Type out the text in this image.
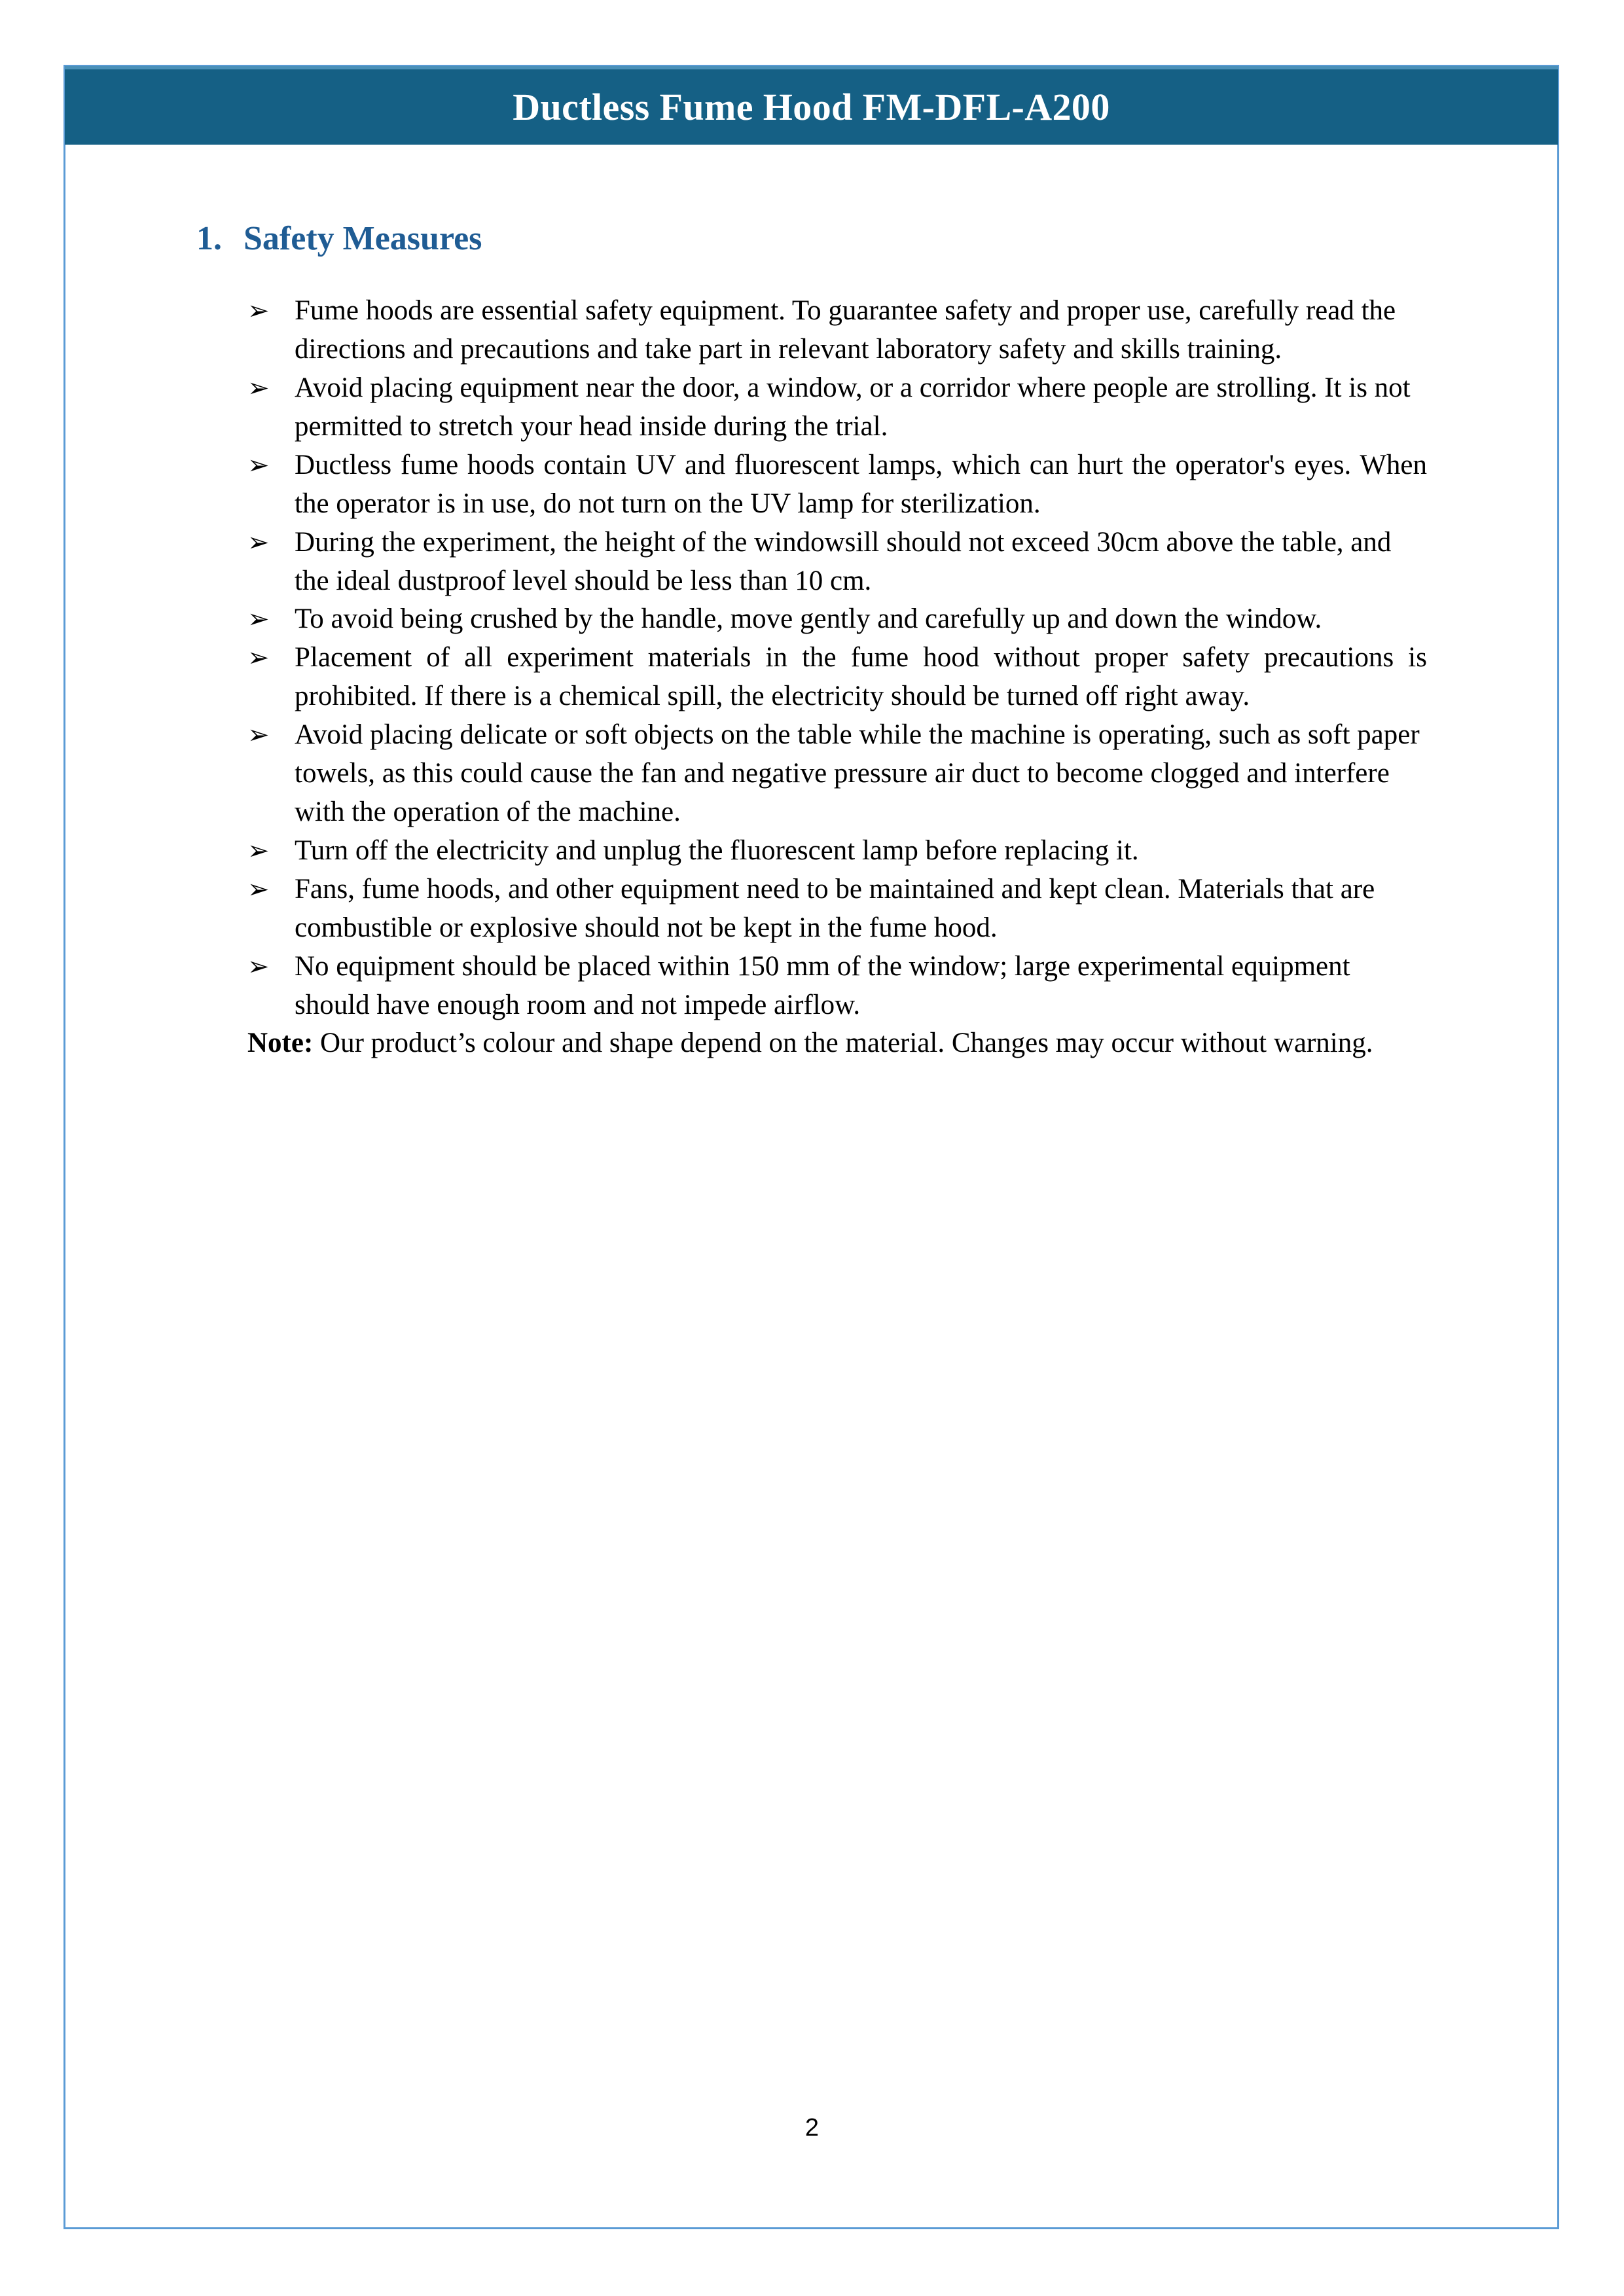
Ductless Fume Hood FM-DFL-A200
1. Safety Measures
➢ Fume hoods are essential safety equipment. To guarantee safety and proper use, carefully read the directions and precautions and take part in relevant laboratory safety and skills training.
➢ Avoid placing equipment near the door, a window, or a corridor where people are strolling. It is not permitted to stretch your head inside during the trial.
➢ Ductless fume hoods contain UV and fluorescent lamps, which can hurt the operator's eyes. When the operator is in use, do not turn on the UV lamp for sterilization.
➢ During the experiment, the height of the windowsill should not exceed 30cm above the table, and the ideal dustproof level should be less than 10 cm.
➢ To avoid being crushed by the handle, move gently and carefully up and down the window.
➢ Placement of all experiment materials in the fume hood without proper safety precautions is prohibited. If there is a chemical spill, the electricity should be turned off right away.
➢ Avoid placing delicate or soft objects on the table while the machine is operating, such as soft paper towels, as this could cause the fan and negative pressure air duct to become clogged and interfere with the operation of the machine.
➢ Turn off the electricity and unplug the fluorescent lamp before replacing it.
➢ Fans, fume hoods, and other equipment need to be maintained and kept clean. Materials that are combustible or explosive should not be kept in the fume hood.
➢ No equipment should be placed within 150 mm of the window; large experimental equipment should have enough room and not impede airflow.

Note: Our product’s colour and shape depend on the material. Changes may occur without warning.

2
